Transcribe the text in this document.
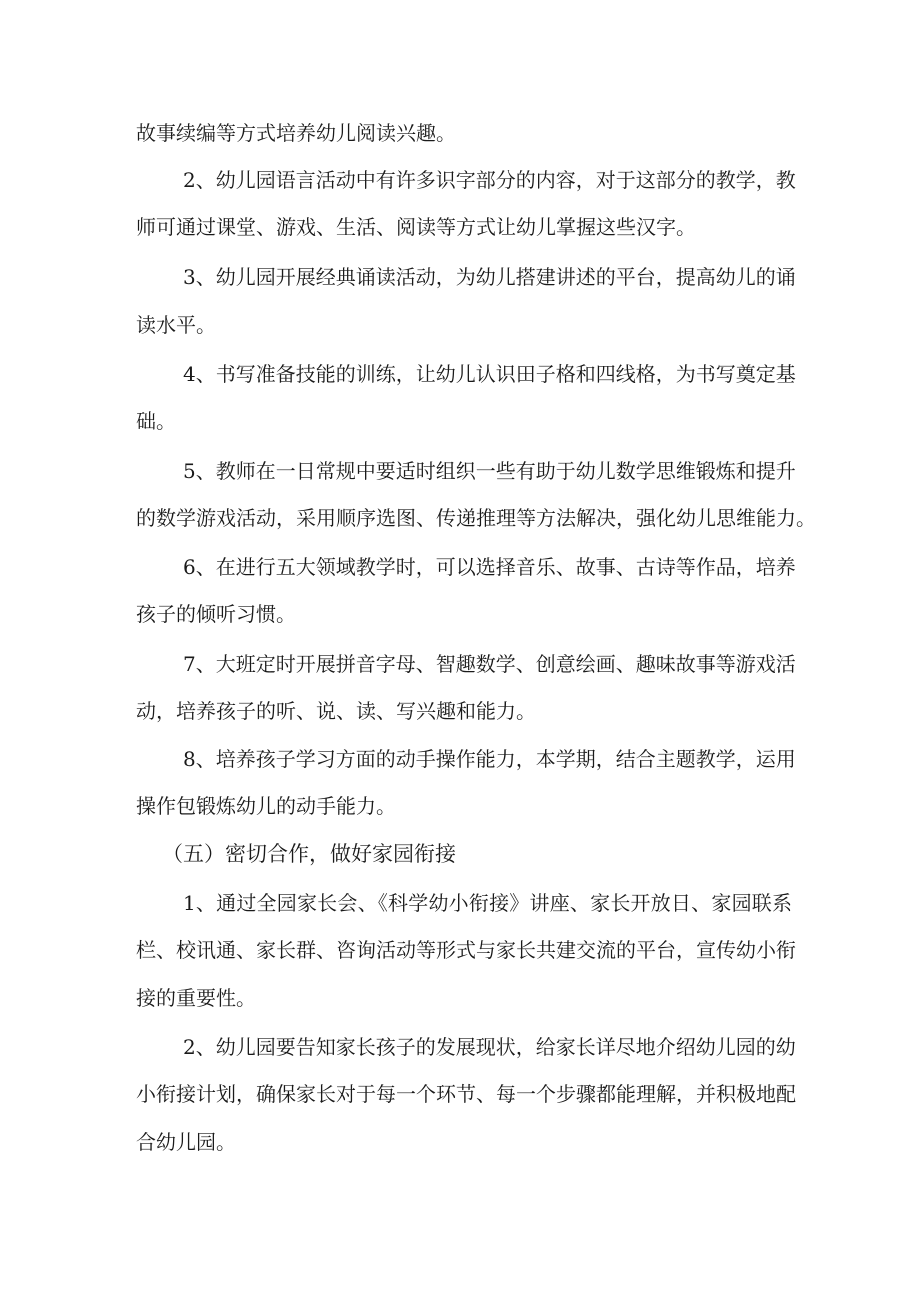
故事续编等方式培养幼儿阅读兴趣。

2、幼儿园语言活动中有许多识字部分的内容，对于这部分的教学，教

师可通过课堂、游戏、生活、阅读等方式让幼儿掌握这些汉字。

3、幼儿园开展经典诵读活动，为幼儿搭建讲述的平台，提高幼儿的诵

读水平。

4、书写准备技能的训练，让幼儿认识田子格和四线格，为书写奠定基

础。

5、教师在一日常规中要适时组织一些有助于幼儿数学思维锻炼和提升

的数学游戏活动，采用顺序选图、传递推理等方法解决，强化幼儿思维能力。

6、在进行五大领域教学时，可以选择音乐、故事、古诗等作品，培养

孩子的倾听习惯。

7、大班定时开展拼音字母、智趣数学、创意绘画、趣味故事等游戏活

动，培养孩子的听、说、读、写兴趣和能力。

8、培养孩子学习方面的动手操作能力，本学期，结合主题教学，运用

操作包锻炼幼儿的动手能力。

（五）密切合作，做好家园衔接

1、通过全园家长会、《科学幼小衔接》讲座、家长开放日、家园联系

栏、校讯通、家长群、咨询活动等形式与家长共建交流的平台，宣传幼小衔

接的重要性。

2、幼儿园要告知家长孩子的发展现状，给家长详尽地介绍幼儿园的幼

小衔接计划，确保家长对于每一个环节、每一个步骤都能理解，并积极地配

合幼儿园。
